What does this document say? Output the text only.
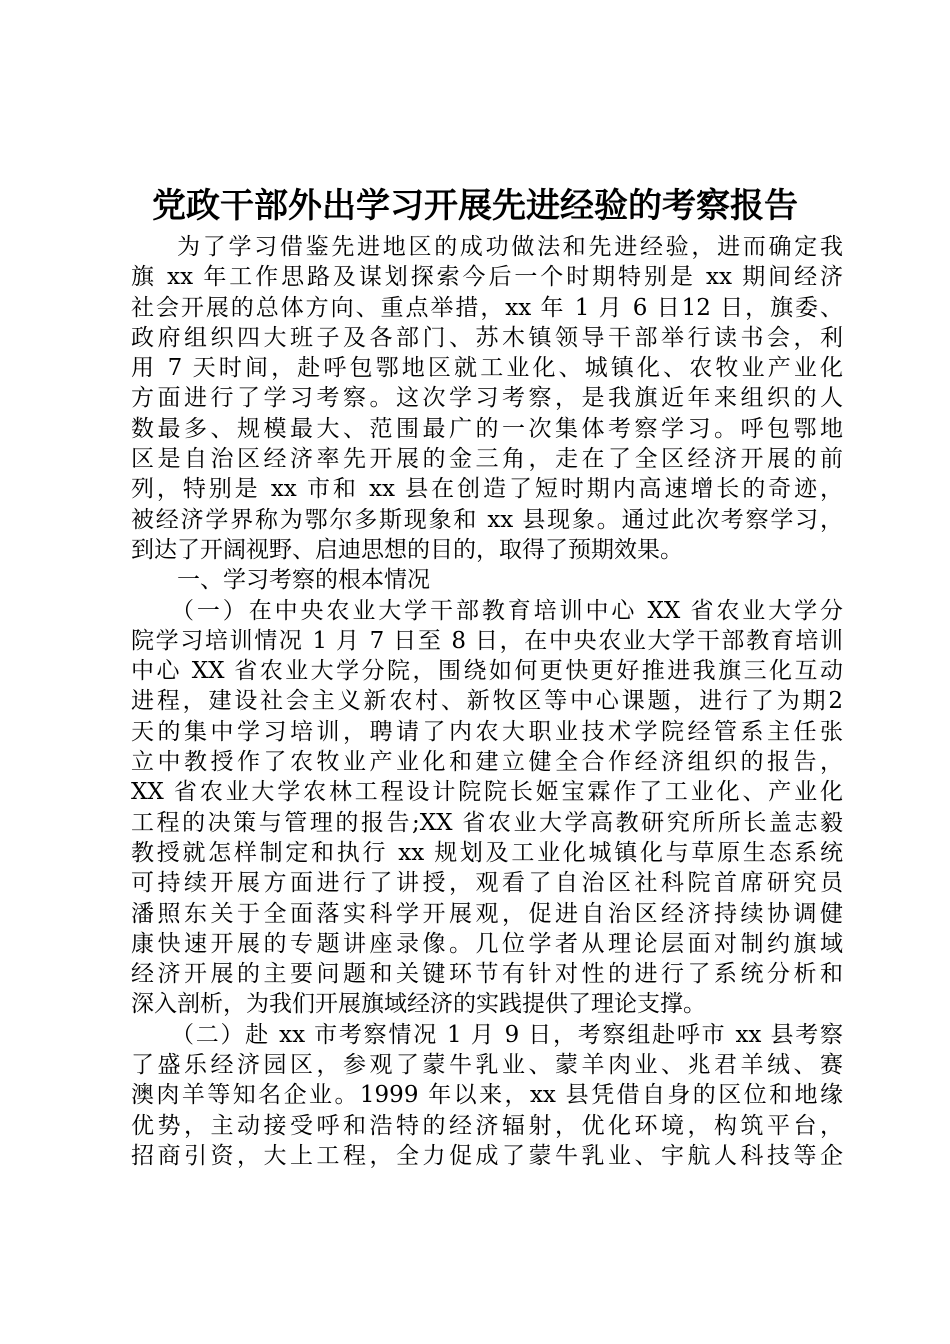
党政干部外出学习开展先进经验的考察报告
为了学习借鉴先进地区的成功做法和先进经验，进而确定我
旗 xx 年工作思路及谋划探索今后一个时期特别是 xx 期间经济
社会开展的总体方向、重点举措，xx 年 1 月 6 日12 日，旗委、
政府组织四大班子及各部门、苏木镇领导干部举行读书会，利
用 7 天时间，赴呼包鄂地区就工业化、城镇化、农牧业产业化
方面进行了学习考察。这次学习考察，是我旗近年来组织的人
数最多、规模最大、范围最广的一次集体考察学习。呼包鄂地
区是自治区经济率先开展的金三角，走在了全区经济开展的前
列，特别是 xx 市和 xx 县在创造了短时期内高速增长的奇迹，
被经济学界称为鄂尔多斯现象和 xx 县现象。通过此次考察学习，
到达了开阔视野、启迪思想的目的，取得了预期效果。
一、学习考察的根本情况
（一）在中央农业大学干部教育培训中心 XX 省农业大学分
院学习培训情况 1 月 7 日至 8 日，在中央农业大学干部教育培训
中心 XX 省农业大学分院，围绕如何更快更好推进我旗三化互动
进程，建设社会主义新农村、新牧区等中心课题，进行了为期2
天的集中学习培训，聘请了内农大职业技术学院经管系主任张
立中教授作了农牧业产业化和建立健全合作经济组织的报告，
XX 省农业大学农林工程设计院院长姬宝霖作了工业化、产业化
工程的决策与管理的报告;XX 省农业大学高教研究所所长盖志毅
教授就怎样制定和执行 xx 规划及工业化城镇化与草原生态系统
可持续开展方面进行了讲授，观看了自治区社科院首席研究员
潘照东关于全面落实科学开展观，促进自治区经济持续协调健
康快速开展的专题讲座录像。几位学者从理论层面对制约旗域
经济开展的主要问题和关键环节有针对性的进行了系统分析和
深入剖析，为我们开展旗域经济的实践提供了理论支撑。
（二）赴 xx 市考察情况 1 月 9 日，考察组赴呼市 xx 县考察
了盛乐经济园区，参观了蒙牛乳业、蒙羊肉业、兆君羊绒、赛
澳肉羊等知名企业。1999 年以来，xx 县凭借自身的区位和地缘
优势，主动接受呼和浩特的经济辐射，优化环境，构筑平台，
招商引资，大上工程，全力促成了蒙牛乳业、宇航人科技等企
